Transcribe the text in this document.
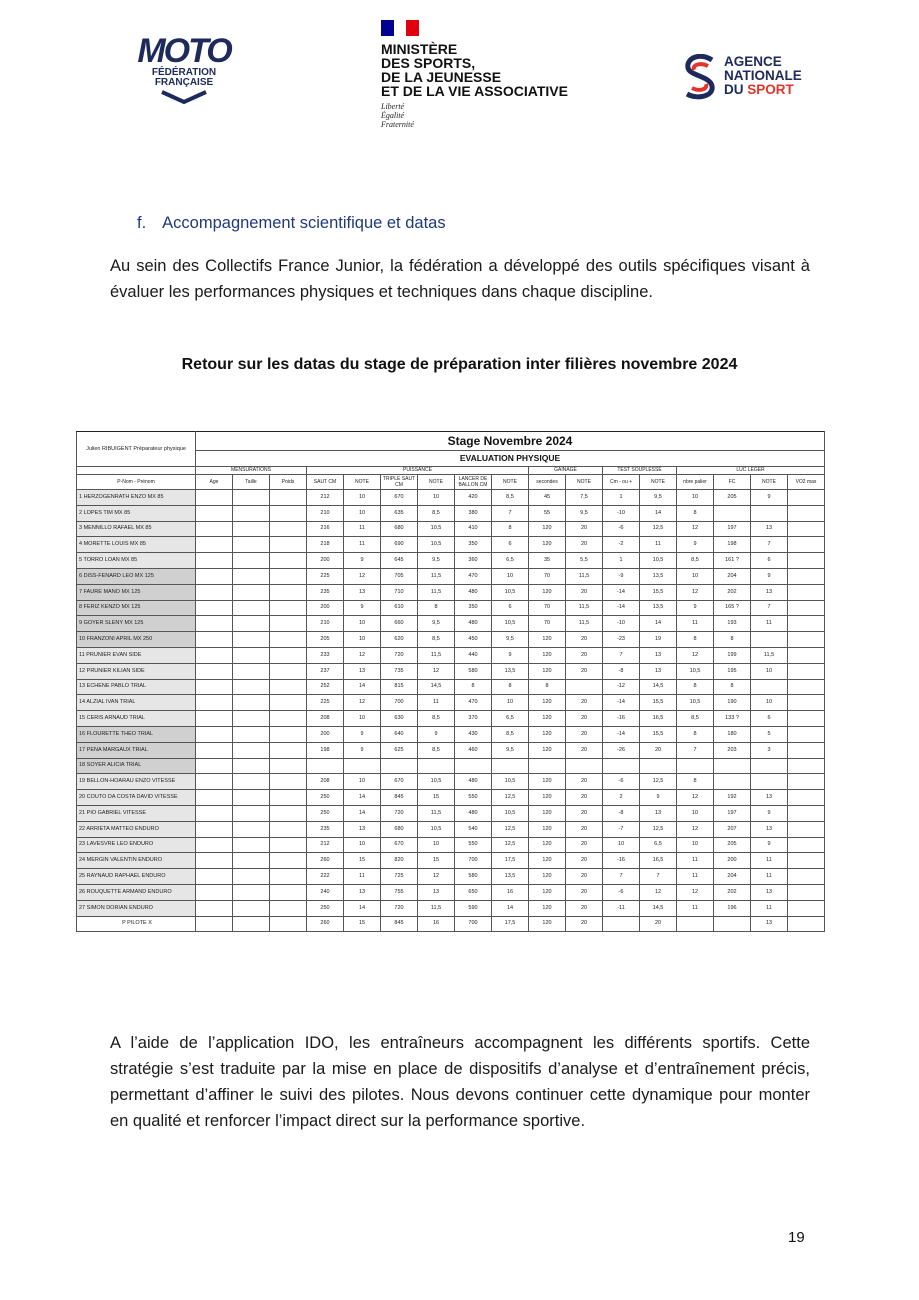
MOTO
FÉDÉRATION
FRANÇAISE
MINISTÈRE
DES SPORTS,
DE LA JEUNESSE
ET DE LA VIE ASSOCIATIVE
Liberté
Égalité
Fraternité
AGENCE
NATIONALE
DU SPORT
f. Accompagnement scientifique et datas
Au sein des Collectifs France Junior, la fédération a développé des outils spécifiques visant à évaluer les performances physiques et techniques dans chaque discipline.
Retour sur les datas du stage de préparation inter filières novembre 2024
Julien RIBUIGENT Préparateur physique	Stage Novembre 2024																
	EVALUATION PHYSIQUE																
	MENSURATIONS			PUISSANCE						GAINAGE		TEST SOUPLESSE		LUC LEGER			
P-Nom - Prénom	Age	Taille	Poids	SAUT CM	NOTE	TRIPLE SAUT CM	NOTE	LANCER DE BALLON CM	NOTE	secondes	NOTE	Cm - ou +	NOTE	nbre palier	FC	NOTE	VO2 max
1 HERZOGENRATH ENZO MX 85				212	10	670	10	420	8,5	45	7,5	1	9,5	10	205	9	
2 LOPES TIM MX 85				210	10	635	8,5	380	7	55	9,5	-10	14	8			
3 MENNILLO RAFAEL MX 85				216	11	680	10,5	410	8	120	20	-6	12,5	12	197	13	
4 MORETTE LOUIS MX 85				218	11	690	10,5	350	6	120	20	-2	11	9	198	7	
5 TORRO LOAN MX 85				200	9	645	9,5	360	6,5	35	5,5	1	10,5	8,5	161 ?	6	
6 DISS-FENARD LEO MX 125				225	12	705	11,5	470	10	70	11,5	-9	13,5	10	204	9	
7 FAURE MANO MX 125				235	13	710	11,5	480	10,5	120	20	-14	15,5	12	202	13	
8 FERIZ KENZO MX 125				200	9	610	8	350	6	70	11,5	-14	13,5	9	165 ?	7	
9 GOYER SLENY MX 125				210	10	660	9,5	480	10,5	70	11,5	-10	14	11	193	11	
10 FRANZONI APRIL MX 250				205	10	620	8,5	450	9,5	120	20	-23	19	8	8		
11 PRUNIER EVAN SIDE				233	12	720	11,5	440	9	120	20	7	13	12	199	11,5	
12 PRUNIER KILIAN SIDE				237	13	735	12	580	13,5	120	20	-8	13	10,5	195	10	
13 ECHENE PABLO TRIAL				252	14	815	14,5	8	8	8		-12	14,5	8	8		
14 ALZIAL IVAN TRIAL				225	12	700	11	470	10	120	20	-14	15,5	10,5	190	10	
15 CERIS ARNAUD TRIAL				208	10	630	8,5	370	6,5	120	20	-16	16,5	8,5	133 ?	6	
16 FLOURETTE THEO TRIAL				200	9	640	9	430	8,5	120	20	-14	15,5	8	180	5	
17 PENA MARGAUX TRIAL				198	9	625	8,5	460	9,5	120	20	-26	20	7	203	3	
18 SOYER ALICIA TRIAL																	
19 BELLON-HOARAU ENZO VITESSE				208	10	670	10,5	480	10,5	120	20	-6	12,5	8			
20 COUTO DA COSTA DAVID VITESSE				250	14	845	15	550	12,5	120	20	2	9	12	192	13	
21 PIO GABRIEL VITESSE				250	14	720	11,5	480	10,5	120	20	-8	13	10	197	9	
22 ARRIETA MATTEO ENDURO				235	13	680	10,5	540	12,5	120	20	-7	12,5	12	207	13	
23 LAVESVRE LEO ENDURO				212	10	670	10	550	12,5	120	20	10	6,5	10	205	9	
24 MERGIN VALENTIN ENDURO				260	15	820	15	700	17,5	120	20	-16	16,5	11	200	11	
25 RAYNAUD RAPHAEL ENDURO				222	11	725	12	580	13,5	120	20	7	7	11	204	11	
26 ROUQUETTE ARMAND ENDURO				240	13	755	13	650	16	120	20	-6	12	12	202	13	
27 SIMON DORIAN ENDURO				250	14	720	11,5	590	14	120	20	-11	14,5	11	196	11	
P PILOTE X				260	15	845	16	700	17,5	120	20		20			13	
A l’aide de l’application IDO, les entraîneurs accompagnent les différents sportifs. Cette stratégie s’est traduite par la mise en place de dispositifs d’analyse et d’entraînement précis, permettant d’affiner le suivi des pilotes. Nous devons continuer cette dynamique pour monter en qualité et renforcer l’impact direct sur la performance sportive.
19
